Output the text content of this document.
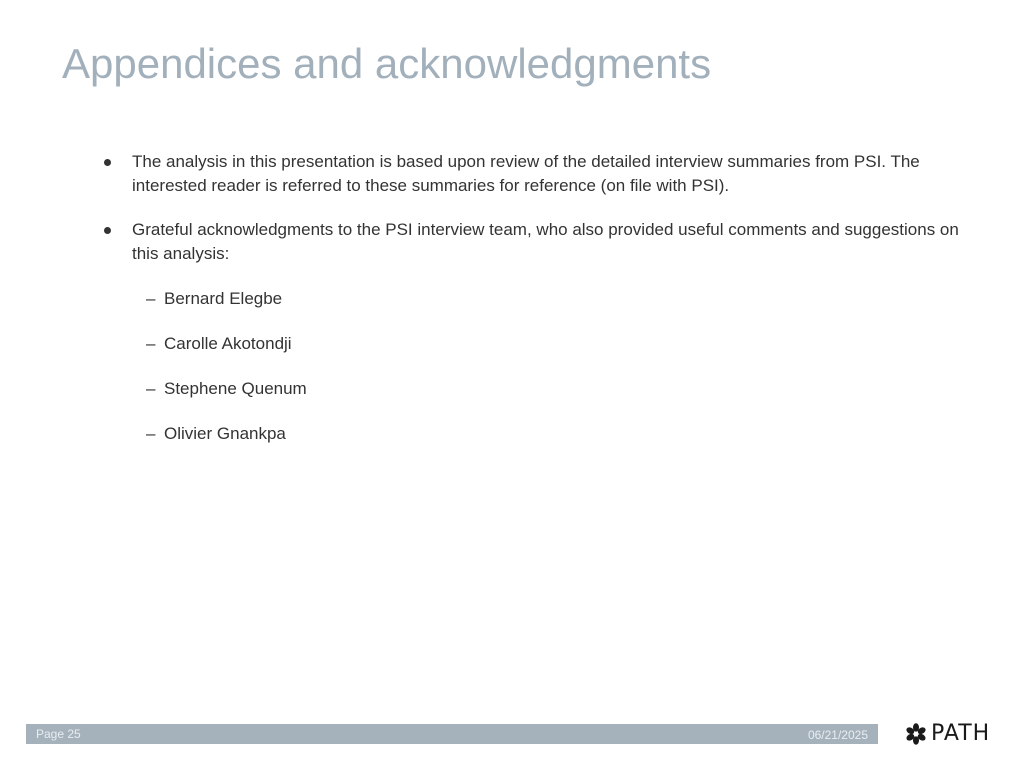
Appendices and acknowledgments
The analysis in this presentation is based upon review of the detailed interview summaries from PSI. The interested reader is referred to these summaries for reference (on file with PSI).
Grateful acknowledgments to the PSI interview team, who also provided useful comments and suggestions on this analysis:
– Bernard Elegbe
– Carolle Akotondji
– Stephene Quenum
– Olivier Gnankpa
Page 25	06/21/2025	PATH
